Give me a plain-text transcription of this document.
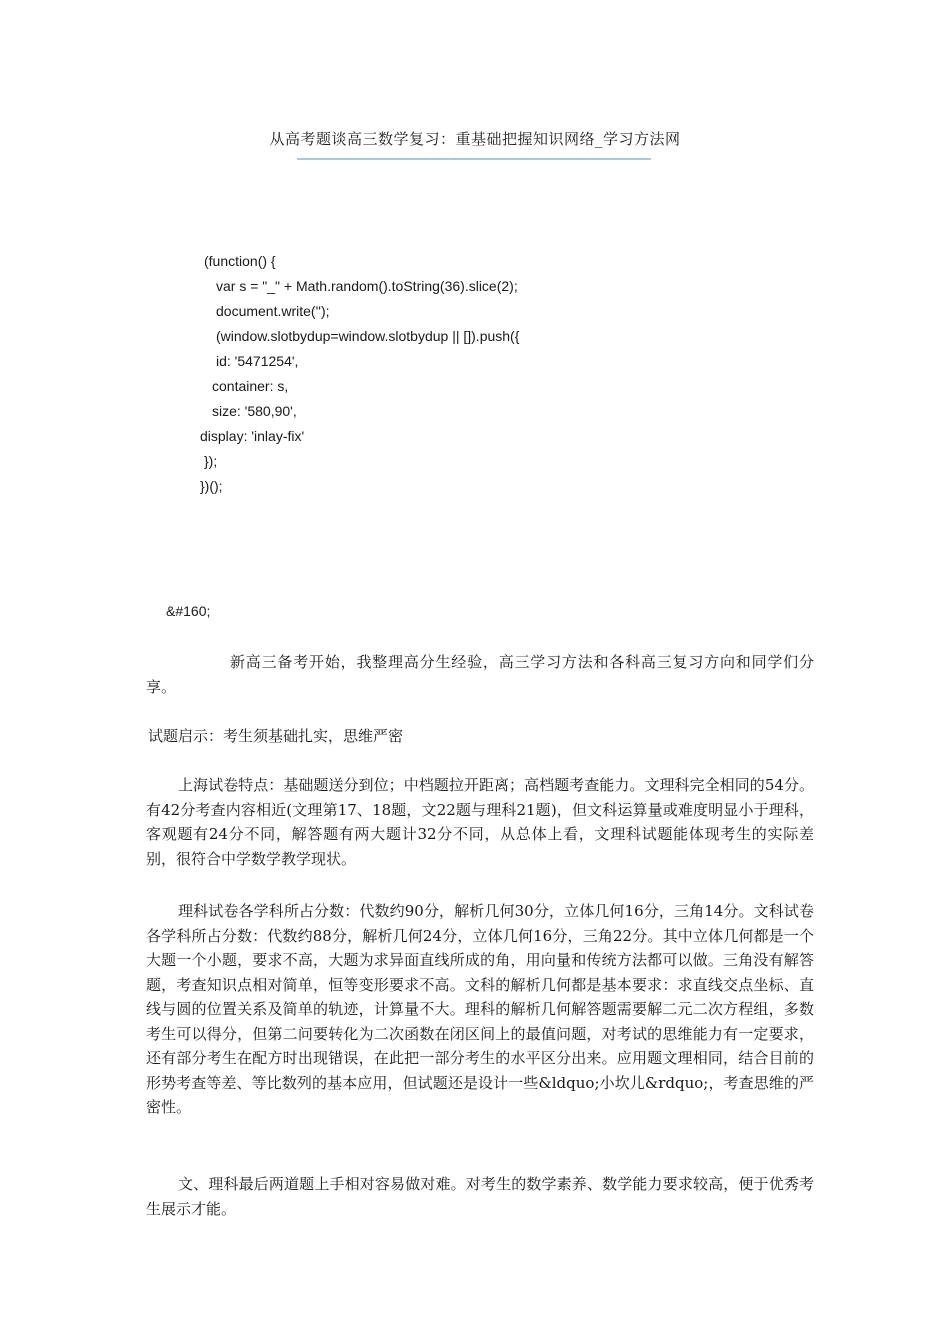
从高考题谈高三数学复习：重基础把握知识网络_学习方法网
——————————————————————————————————————————
(function() {
var s = "_" + Math.random().toString(36).slice(2);
document.write('');
(window.slotbydup=window.slotbydup || []).push({
id: '5471254',
container: s,
size: '580,90',
display: 'inlay-fix'
});
})();
&#160;
新高三备考开始，我整理高分生经验，高三学习方法和各科高三复习方向和同学们分享。
试题启示：考生须基础扎实，思维严密
上海试卷特点：基础题送分到位；中档题拉开距离；高档题考查能力。文理科完全相同的54分。有42分考查内容相近(文理第17、18题，文22题与理科21题)，但文科运算量或难度明显小于理科，客观题有24分不同，解答题有两大题计32分不同，从总体上看，文理科试题能体现考生的实际差别，很符合中学数学教学现状。
理科试卷各学科所占分数：代数约90分，解析几何30分，立体几何16分，三角14分。文科试卷各学科所占分数：代数约88分，解析几何24分，立体几何16分，三角22分。其中立体几何都是一个大题一个小题，要求不高，大题为求异面直线所成的角，用向量和传统方法都可以做。三角没有解答题，考查知识点相对简单，恒等变形要求不高。文科的解析几何都是基本要求：求直线交点坐标、直线与圆的位置关系及简单的轨迹，计算量不大。理科的解析几何解答题需要解二元二次方程组，多数考生可以得分，但第二问要转化为二次函数在闭区间上的最值问题，对考试的思维能力有一定要求，还有部分考生在配方时出现错误，在此把一部分考生的水平区分出来。应用题文理相同，结合目前的形势考查等差、等比数列的基本应用，但试题还是设计一些&ldquo;小坎儿&rdquo;，考查思维的严密性。
文、理科最后两道题上手相对容易做对难。对考生的数学素养、数学能力要求较高，便于优秀考生展示才能。
